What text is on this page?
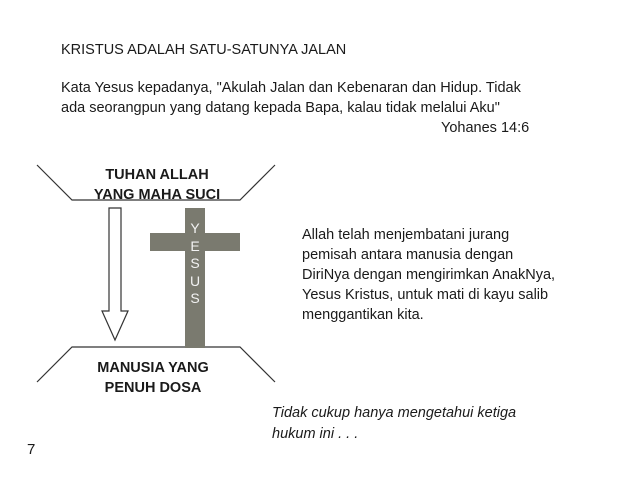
KRISTUS ADALAH SATU-SATUNYA JALAN
Kata Yesus kepadanya, "Akulah Jalan dan Kebenaran dan Hidup. Tidak
ada seorangpun yang datang kepada Bapa, kalau tidak melalui Aku"
Yohanes 14:6
TUHAN ALLAH
YANG MAHA SUCI
Y
E
S
U
S
MANUSIA YANG
PENUH DOSA
Allah telah menjembatani jurang
pemisah antara manusia dengan
DiriNya dengan mengirimkan AnakNya,
Yesus Kristus, untuk mati di kayu salib
menggantikan kita.
Tidak cukup hanya mengetahui ketiga
hukum ini . . .
7
